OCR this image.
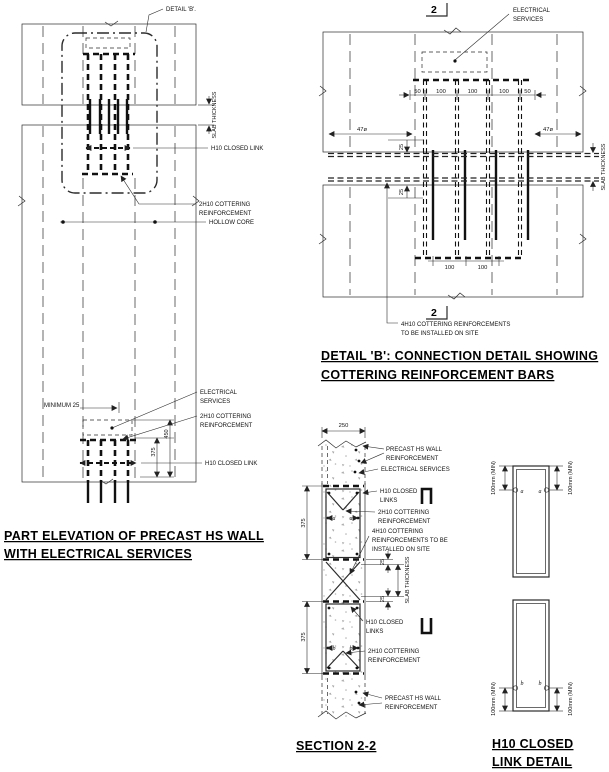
DETAIL 'B'.
SLAB THICKNESS
H10 CLOSED LINK
2H10 COTTERING
REINFORCEMENT
HOLLOW CORE
MINIMUM 25
375
450
ELECTRICAL
SERVICES
2H10 COTTERING
REINFORCEMENT
H10 CLOSED LINK
PART ELEVATION OF PRECAST HS WALL
WITH ELECTRICAL SERVICES
ELECTRICAL
SERVICES
2
2
50	100	100	100	50
47ø	47ø
25
25
SLAB THICKNESS
100	100
4H10 COTTERING REINFORCEMENTS
TO BE INSTALLED ON SITE
DETAIL 'B': CONNECTION DETAIL SHOWING
COTTERING REINFORCEMENT BARS
a a
b b
250
375
375
25
25	SLAB THICKNESS
PRECAST HS WALL
REINFORCEMENT
ELECTRICAL SERVICES
H10 CLOSED
LINKS
2H10 COTTERING
REINFORCEMENT
4H10 COTTERING
REINFORCEMENTS TO BE
INSTALLED ON SITE
H10 CLOSED
LINKS
2H10 COTTERING
REINFORCEMENT
PRECAST HS WALL
REINFORCEMENT
SECTION 2-2
a	a
100mm (MIN)	100mm (MIN)
b	b
100mm (MIN)	100mm (MIN)
H10 CLOSED
LINK DETAIL
